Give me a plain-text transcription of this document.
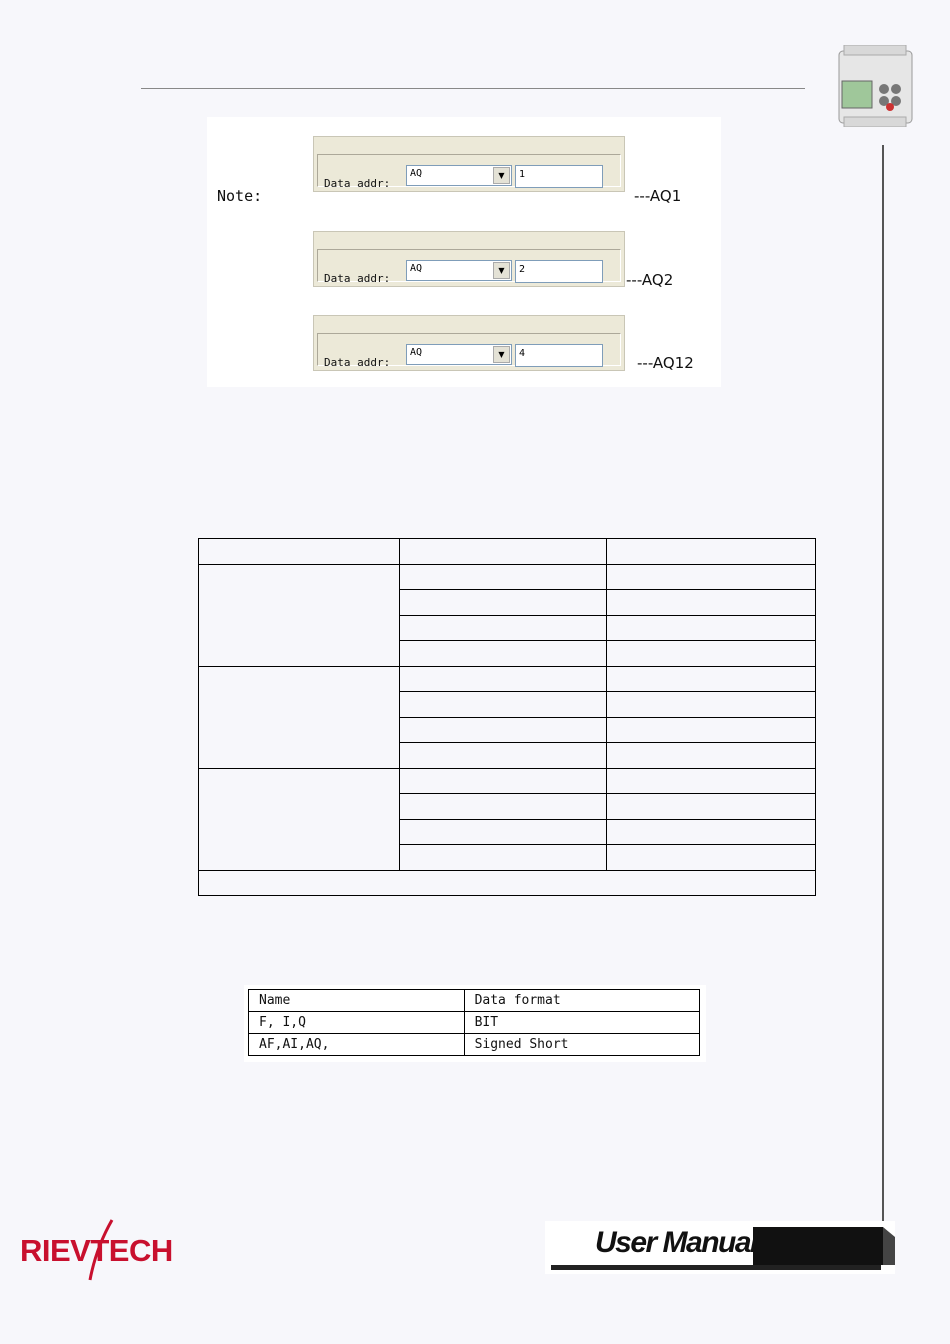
Note:
Data addr:
AQ	▼	1
---AQ1
Data addr:
AQ	▼	2
---AQ2
Data addr:
AQ	▼	4
---AQ12

Name	Data format
F, I,Q	BIT
AF,AI,AQ,	Signed Short
RIEVTECH	User Manual
